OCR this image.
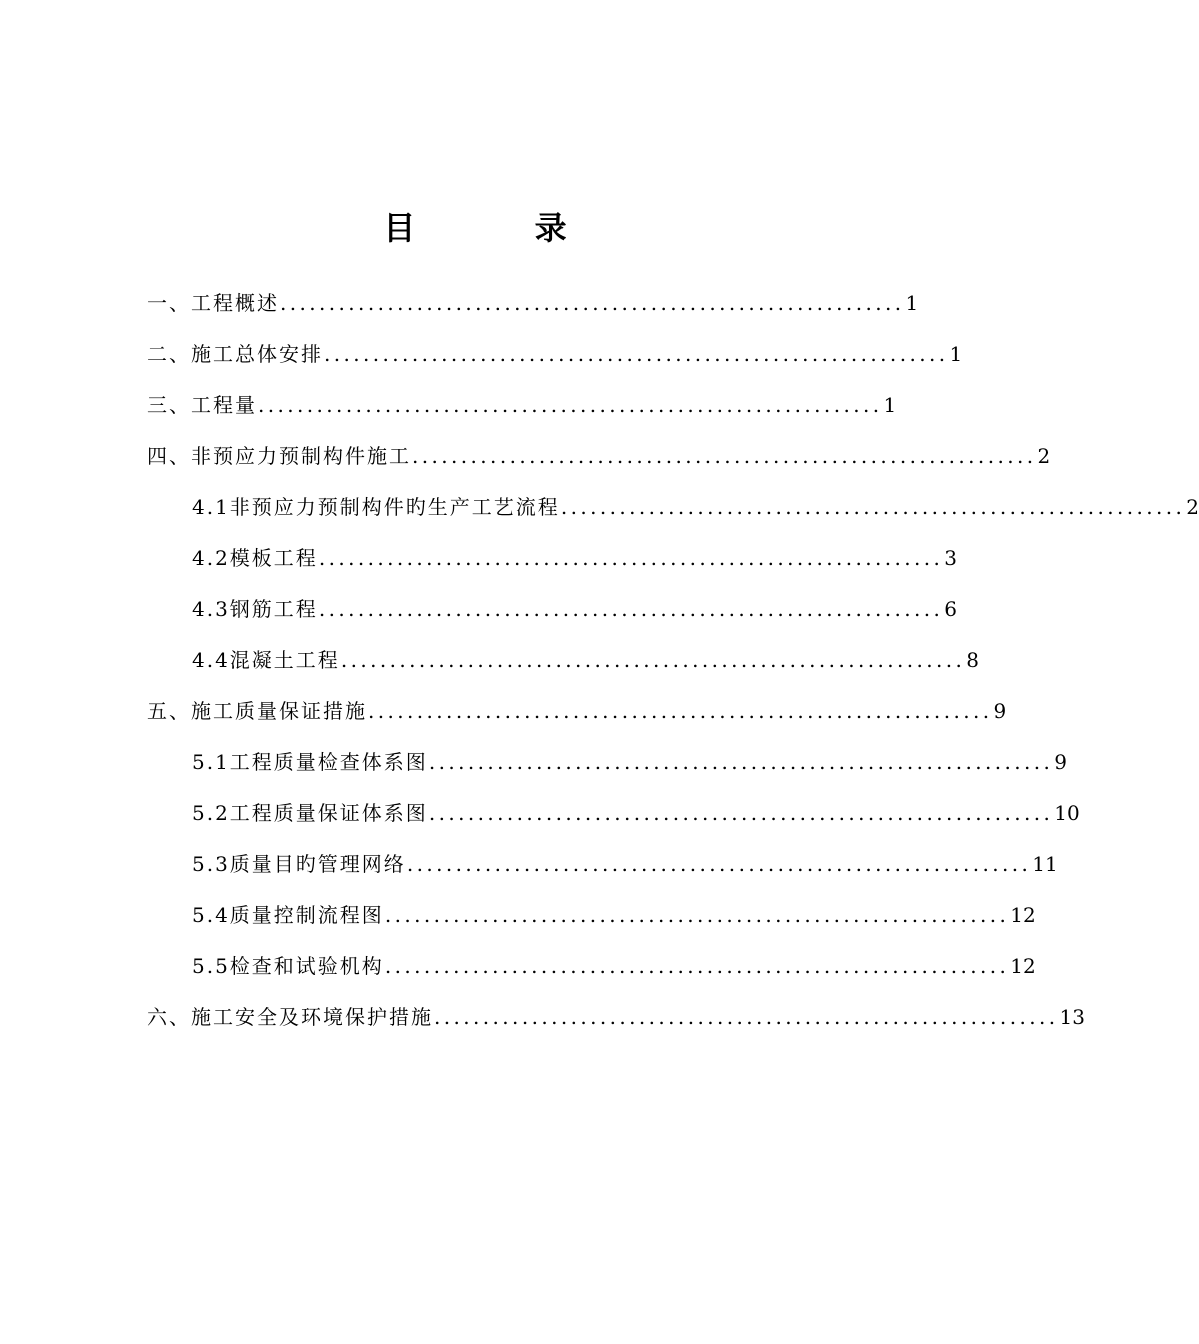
目 录
一、工程概述 ................................................................ 1
二、施工总体安排 ................................................................ 1
三、工程量 ................................................................ 1
四、非预应力预制构件施工 ................................................................ 2
4.1非预应力预制构件旳生产工艺流程 ................................................................ 2
4.2模板工程 ................................................................ 3
4.3钢筋工程 ................................................................ 6
4.4混凝土工程 ................................................................ 8
五、施工质量保证措施 ................................................................ 9
5.1工程质量检查体系图 ................................................................ 9
5.2工程质量保证体系图 ................................................................ 10
5.3质量目旳管理网络 ................................................................ 11
5.4质量控制流程图 ................................................................ 12
5.5检查和试验机构 ................................................................ 12
六、施工安全及环境保护措施 ................................................................ 13
